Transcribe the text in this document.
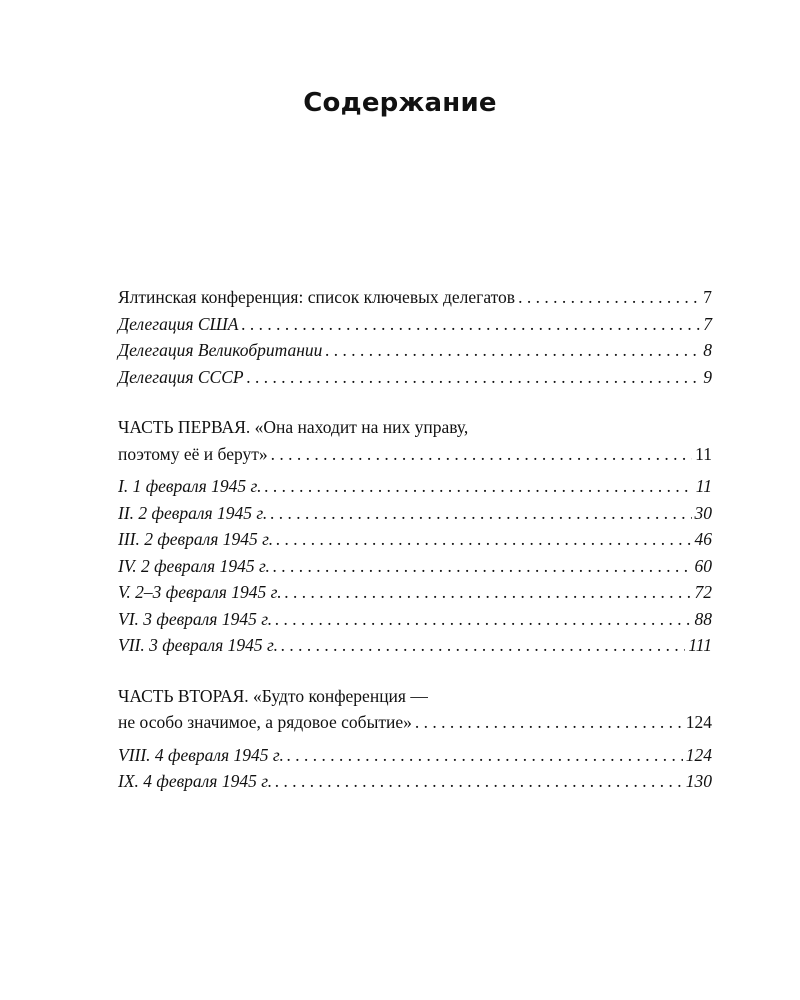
Содержание
Ялтинская конференция: список ключевых делегатов . . .	7
Делегация США . . .	7
Делегация Великобритании . . .	8
Делегация СССР . . .	9
ЧАСТЬ ПЕРВАЯ. «Она находит на них управу,
поэтому её и берут» . . .	11
I. 1 февраля 1945 г. . . .	11
II. 2 февраля 1945 г. . . .	30
III. 2 февраля 1945 г. . . .	46
IV. 2 февраля 1945 г. . . .	60
V. 2–3 февраля 1945 г. . . .	72
VI. 3 февраля 1945 г. . . .	88
VII. 3 февраля 1945 г. . . .	111
ЧАСТЬ ВТОРАЯ. «Будто конференция —
не особо значимое, а рядовое событие» . . .	124
VIII. 4 февраля 1945 г. . . .	124
IX. 4 февраля 1945 г. . . .	130
